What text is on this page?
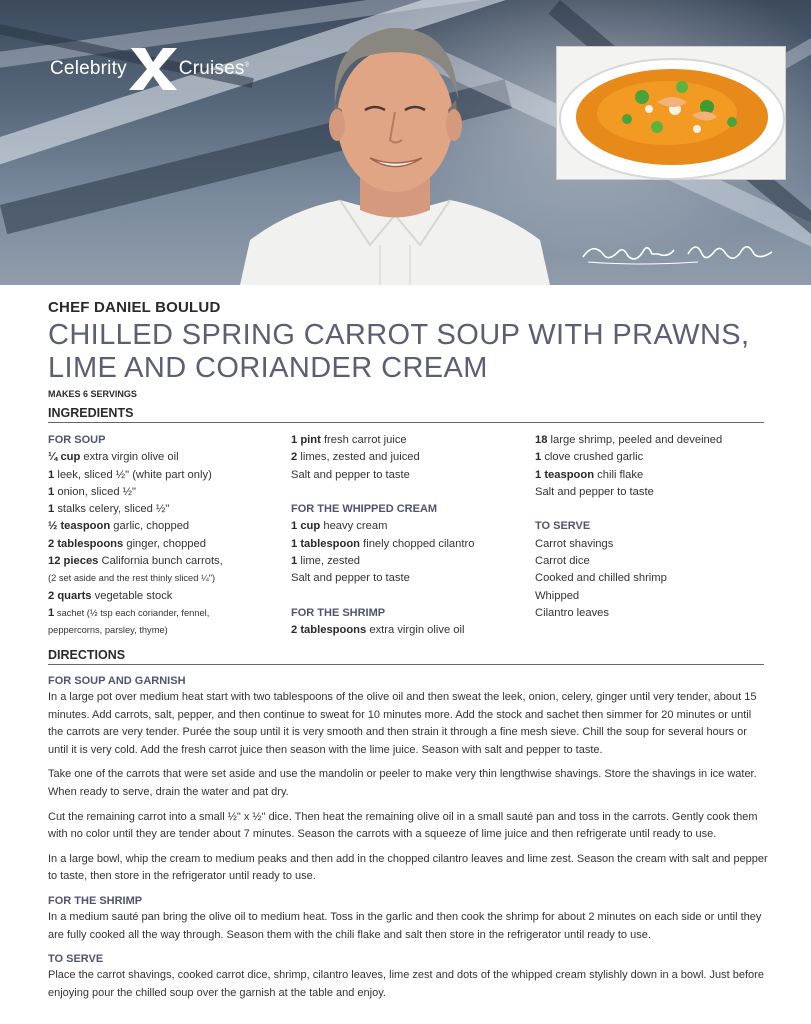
Celebrity	Cruises®
CHEF DANIEL BOULUD
CHILLED SPRING CARROT SOUP WITH PRAWNS,
LIME AND CORIANDER CREAM
MAKES 6 SERVINGS
INGREDIENTS
FOR SOUP
¼ cup extra virgin olive oil
1 leek, sliced ½" (white part only)
1 onion, sliced ½"
1 stalks celery, sliced ½"
½ teaspoon garlic, chopped
2 tablespoons ginger, chopped
12 pieces California bunch carrots,
(2 set aside and the rest thinly sliced ¼")
2 quarts vegetable stock
1 sachet (½ tsp each coriander, fennel,
peppercorns, parsley, thyme)
1 pint fresh carrot juice
2 limes, zested and juiced
Salt and pepper to taste
FOR THE WHIPPED CREAM
1 cup heavy cream
1 tablespoon finely chopped cilantro
1 lime, zested
Salt and pepper to taste
FOR THE SHRIMP
2 tablespoons extra virgin olive oil
18 large shrimp, peeled and deveined
1 clove crushed garlic
1 teaspoon chili flake
Salt and pepper to taste
TO SERVE
Carrot shavings
Carrot dice
Cooked and chilled shrimp
Whipped
Cilantro leaves
DIRECTIONS
FOR SOUP AND GARNISH

In a large pot over medium heat start with two tablespoons of the olive oil and then sweat the leek, onion, celery, ginger until very tender, about 15 minutes. Add carrots, salt, pepper, and then continue to sweat for 10 minutes more. Add the stock and sachet then simmer for 20 minutes or until the carrots are very tender. Purée the soup until it is very smooth and then strain it through a fine mesh sieve. Chill the soup for several hours or until it is very cold. Add the fresh carrot juice then season with the lime juice. Season with salt and pepper to taste.

Take one of the carrots that were set aside and use the mandolin or peeler to make very thin lengthwise shavings. Store the shavings in ice water. When ready to serve, drain the water and pat dry.

Cut the remaining carrot into a small ½" x ½" dice. Then heat the remaining olive oil in a small sauté pan and toss in the carrots. Gently cook them with no color until they are tender about 7 minutes. Season the carrots with a squeeze of lime juice and then refrigerate until ready to use.

In a large bowl, whip the cream to medium peaks and then add in the chopped cilantro leaves and lime zest. Season the cream with salt and pepper to taste, then store in the refrigerator until ready to use.

FOR THE SHRIMP

In a medium sauté pan bring the olive oil to medium heat. Toss in the garlic and then cook the shrimp for about 2 minutes on each side or until they are fully cooked all the way through. Season them with the chili flake and salt then store in the refrigerator until ready to use.

TO SERVE

Place the carrot shavings, cooked carrot dice, shrimp, cilantro leaves, lime zest and dots of the whipped cream stylishly down in a bowl. Just before enjoying pour the chilled soup over the garnish at the table and enjoy.
